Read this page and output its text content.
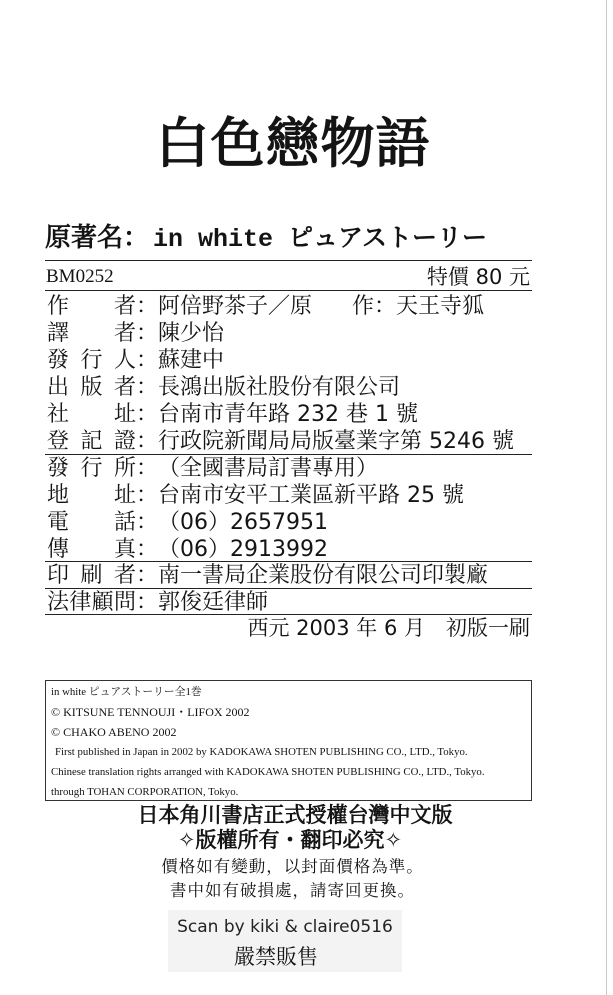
白色戀物語
原著名： in white ピュアストーリー
BM0252	特價 80 元
作　　者：阿倍野茶子／原 作：天王寺狐
譯　　者：陳少怡
發 行 人：蘇建中
出 版 者：長鴻出版社股份有限公司
社　　址：台南市青年路 232 巷 1 號
登 記 證：行政院新聞局局版臺業字第 5246 號
發 行 所：（全國書局訂書專用）
地　　址：台南市安平工業區新平路 25 號
電　　話：（06）2657951
傳　　真：（06）2913992
印 刷 者：南一書局企業股份有限公司印製廠
法律顧問：郭俊廷律師
西元 2003 年 6 月　初版一刷
in white ピュアストーリー全1巻
© KITSUNE TENNOUJI・LIFOX 2002
© CHAKO ABENO 2002
First published in Japan in 2002 by KADOKAWA SHOTEN PUBLISHING CO., LTD., Tokyo.
Chinese translation rights arranged with KADOKAWA SHOTEN PUBLISHING CO., LTD., Tokyo.
through TOHAN CORPORATION, Tokyo.
日本角川書店正式授權台灣中文版
✧版權所有・翻印必究✧
價格如有變動，以封面價格為準。
書中如有破損處，請寄回更換。
Scan by kiki & claire0516
嚴禁販售
